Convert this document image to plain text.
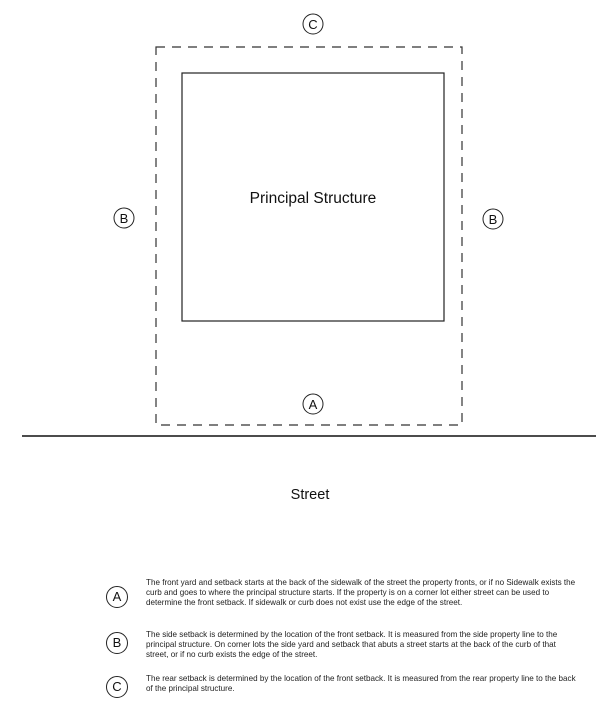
Principal Structure
Street
C
B	B
A
A
The front yard and setback starts at the back of the sidewalk of the street the property fronts, or if no Sidewalk exists the curb and goes to where the principal structure starts. If the property is on a corner lot either street can be used to determine the front setback. If sidewalk or curb does not exist use the edge of the street.
B
The side setback is determined by the location of the front setback. It is measured from the side property line to the principal structure. On corner lots the side yard and setback that abuts a street starts at the back of the curb of that street, or if no curb exists the edge of the street.
C
The rear setback is determined by the location of the front setback. It is measured from the rear property line to the back of the principal structure.
